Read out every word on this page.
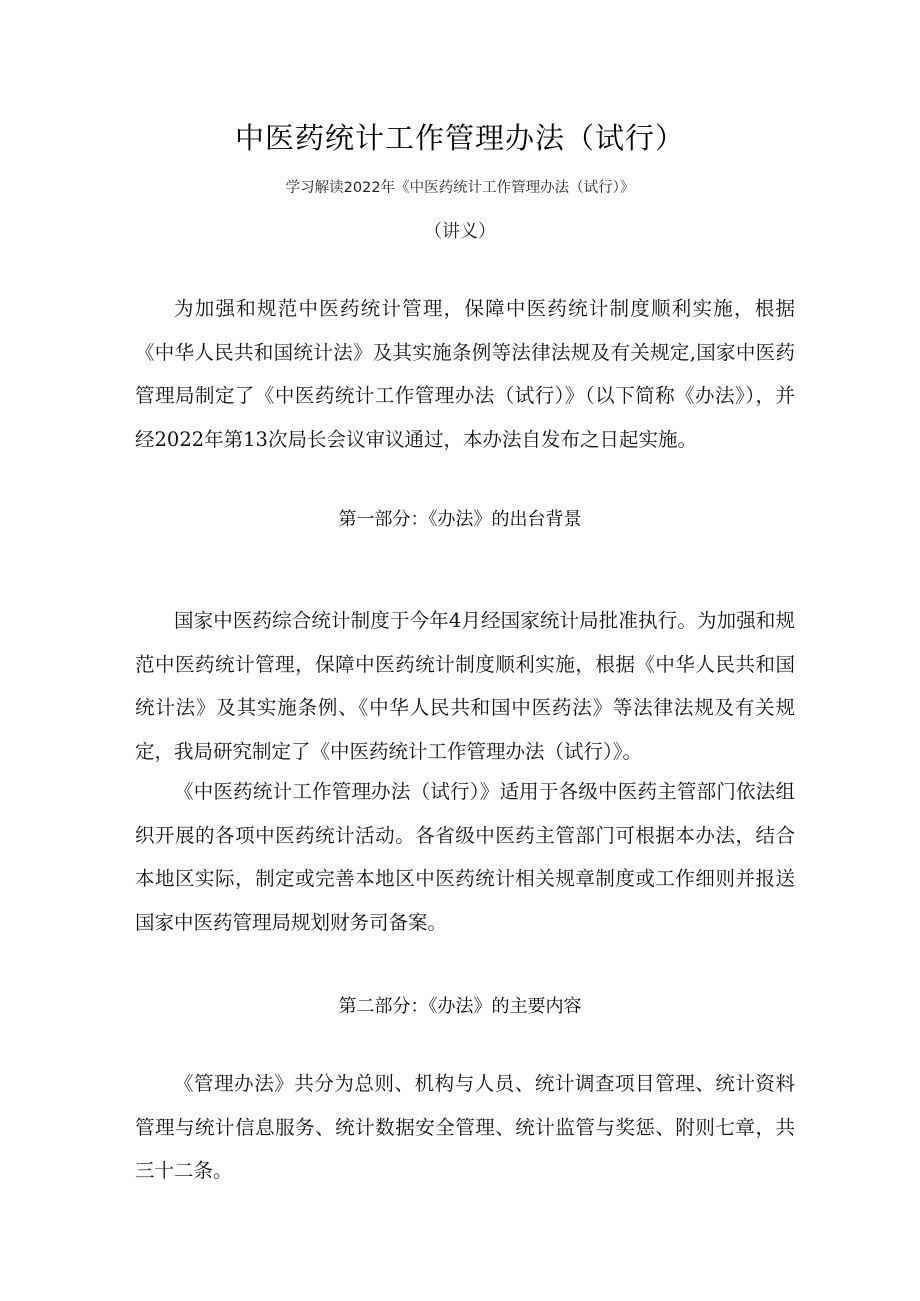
中医药统计工作管理办法（试行）
学习解读2022年《中医药统计工作管理办法（试行）》
（讲义）

为加强和规范中医药统计管理，保障中医药统计制度顺利实施，根据《中华人民共和国统计法》及其实施条例等法律法规及有关规定,国家中医药管理局制定了《中医药统计工作管理办法（试行）》（以下简称《办法》），并经2022年第13次局长会议审议通过，本办法自发布之日起实施。

第一部分：《办法》的出台背景

国家中医药综合统计制度于今年4月经国家统计局批准执行。为加强和规范中医药统计管理，保障中医药统计制度顺利实施，根据《中华人民共和国统计法》及其实施条例、《中华人民共和国中医药法》等法律法规及有关规定，我局研究制定了《中医药统计工作管理办法（试行）》。

《中医药统计工作管理办法（试行）》适用于各级中医药主管部门依法组织开展的各项中医药统计活动。各省级中医药主管部门可根据本办法，结合本地区实际，制定或完善本地区中医药统计相关规章制度或工作细则并报送国家中医药管理局规划财务司备案。

第二部分：《办法》的主要内容

《管理办法》共分为总则、机构与人员、统计调查项目管理、统计资料管理与统计信息服务、统计数据安全管理、统计监管与奖惩、附则七章，共三十二条。
